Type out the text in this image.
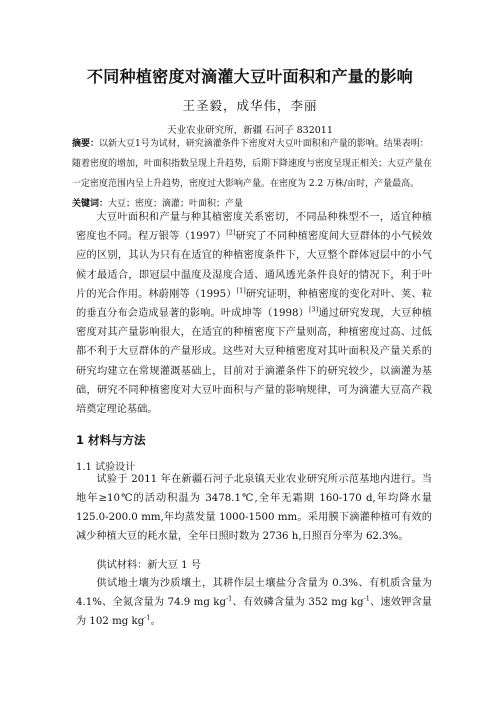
不同种植密度对滴灌大豆叶面积和产量的影响
王圣毅，成华伟，李丽
天业农业研究所，新疆 石河子 832011
摘要：以新大豆1号为试材，研究滴灌条件下密度对大豆叶面积和产量的影响。结果表明：随着密度的增加，叶面积指数呈现上升趋势，后期下降速度与密度呈现正相关；大豆产量在一定密度范围内呈上升趋势，密度过大影响产量。在密度为 2.2 万株/亩时，产量最高。
关键词：大豆；密度；滴灌；叶面积；产量
大豆叶面积和产量与种其植密度关系密切，不同品种株型不一，适宜种植密度也不同。程万银等（1997）[2]研究了不同种植密度间大豆群体的小气候效应的区别，其认为只有在适宜的种植密度条件下，大豆整个群体冠层中的小气候才最适合，即冠层中温度及湿度合适、通风透光条件良好的情况下，利于叶片的光合作用。林蔚刚等（1995）[1]研究证明，种植密度的变化对叶、荚、粒的垂直分布会造成显著的影响。叶成坤等（1998）[3]通过研究发现，大豆种植密度对其产量影响很大，在适宜的种植密度下产量则高，种植密度过高、过低都不利于大豆群体的产量形成。这些对大豆种植密度对其叶面积及产量关系的研究均建立在常规灌溉基础上，目前对于滴灌条件下的研究较少，以滴灌为基础，研究不同种植密度对大豆叶面积与产量的影响规律，可为滴灌大豆高产栽培奠定理论基础。
1 材料与方法
1.1 试验设计
试验于 2011 年在新疆石河子北泉镇天业农业研究所示范基地内进行。当地年≥10℃的活动积温为 3478.1℃,全年无霜期 160-170 d,年均降水量 125.0-200.0 mm,年均蒸发量 1000-1500 mm。采用膜下滴灌种植可有效的减少种植大豆的耗水量，全年日照时数为 2736 h,日照百分率为 62.3%。
供试材料：新大豆 1 号
供试地土壤为沙质壤土，其耕作层土壤盐分含量为 0.3%、有机质含量为 4.1%、全氮含量为 74.9 mg $kg^{-1}$、有效磷含量为 352 mg $kg^{-1}$、速效钾含量为 102 mg $kg^{-1}$。
